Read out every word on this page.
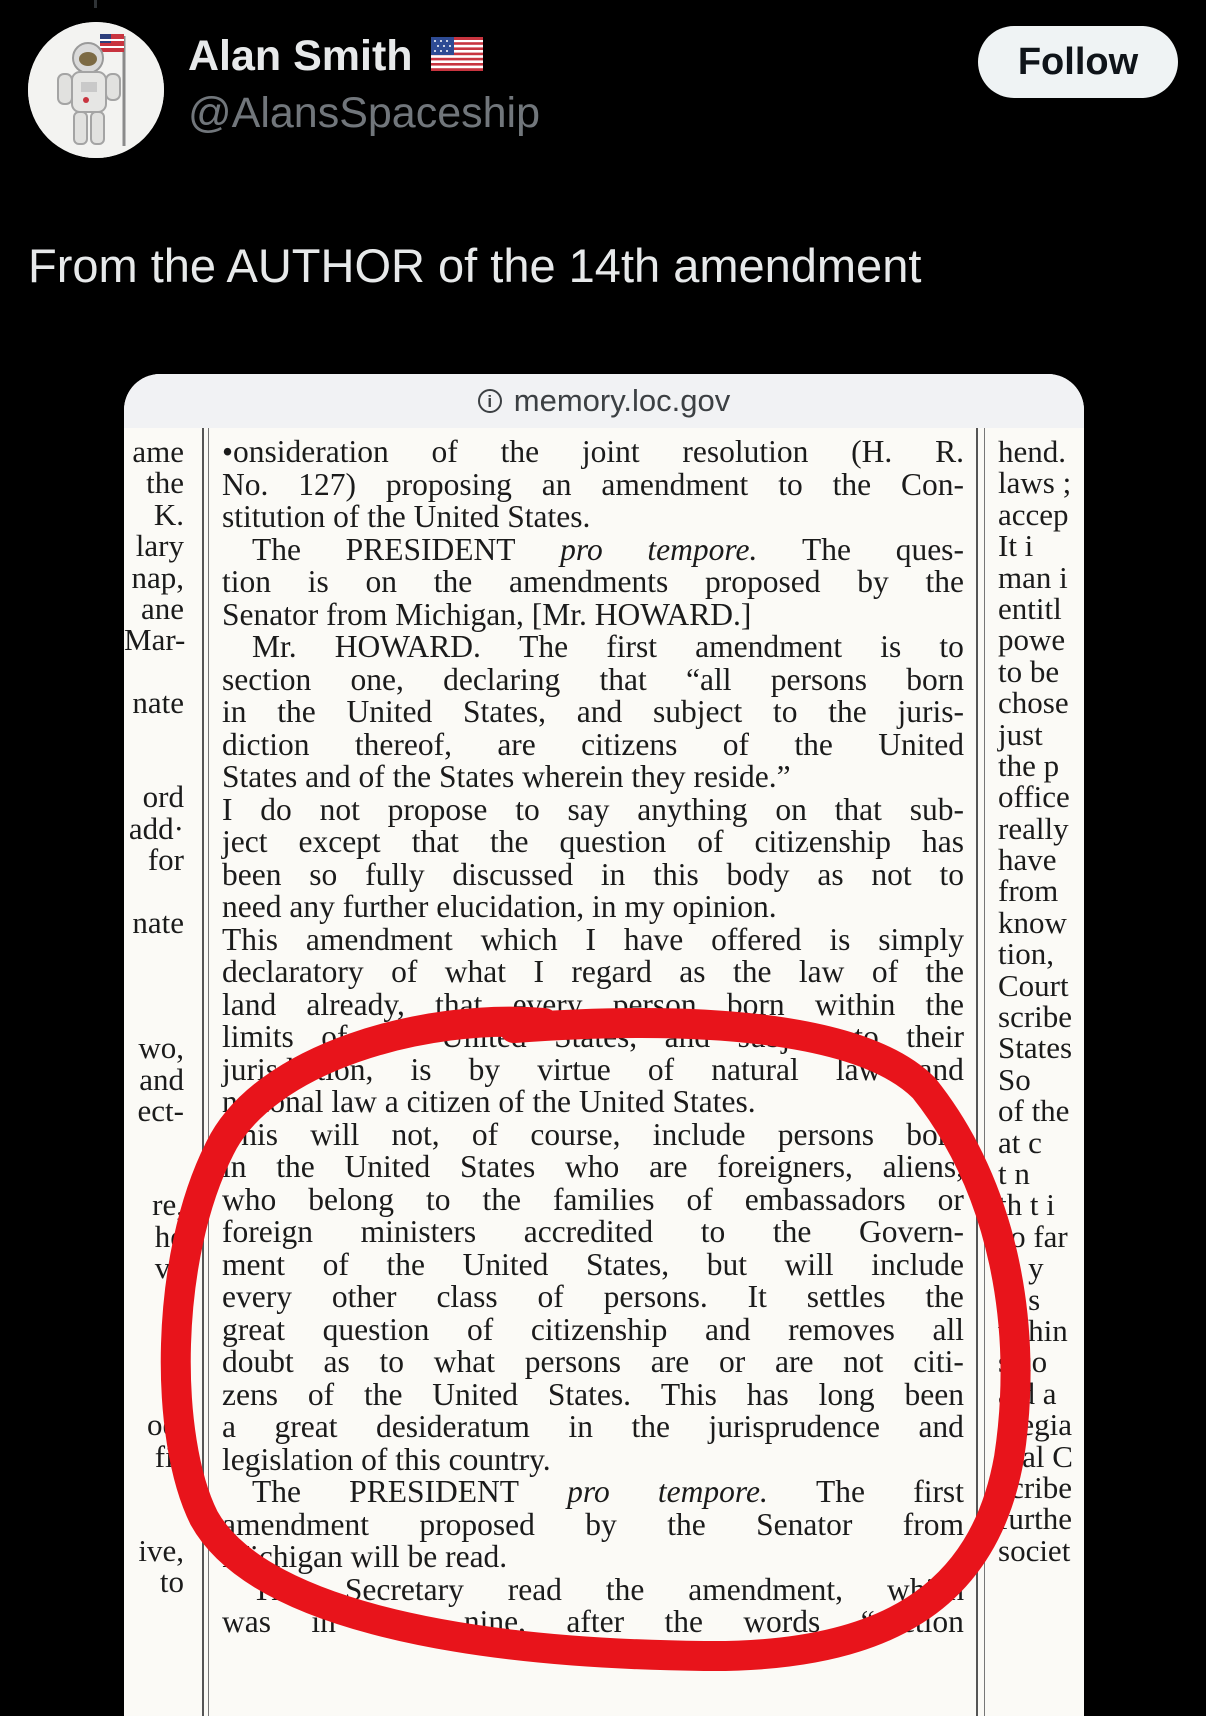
Alan Smith
@AlansSpaceship
Follow
From the AUTHOR of the 14th amendment
i memory.loc.gov
ame
the
K.
lary
nap,
ane
Mar-
nate
ord
add·
for
nate
wo,
and
ect-
re,
he
ve
oe,
fir
ive,
to
•onsideration of the joint resolution (H. R.
No. 127) proposing an amendment to the Con-
stitution of the United States.
The PRESIDENT pro tempore. The ques-
tion is on the amendments proposed by the
Senator from Michigan, [Mr. HOWARD.]
Mr. HOWARD. The first amendment is to
section one, declaring that “all persons born
in the United States, and subject to the juris-
diction thereof, are citizens of the United
States and of the States wherein they reside.”
I do not propose to say anything on that sub-
ject except that the question of citizenship has
been so fully discussed in this body as not to
need any further elucidation, in my opinion.
This amendment which I have offered is simply
declaratory of what I regard as the law of the
land already, that every person born within the
limits of the United States, and subject to their
jurisdiction, is by virtue of natural law and
national law a citizen of the United States.
This will not, of course, include persons born
in the United States who are foreigners, aliens,
who belong to the families of embassadors or
foreign ministers accredited to the Govern-
ment of the United States, but will include
every other class of persons. It settles the
great question of citizenship and removes all
doubt as to what persons are or are not citi-
zens of the United States. This has long been
a great desideratum in the jurisprudence and
legislation of this country.
The PRESIDENT pro tempore. The first
amendment proposed by the Senator from
Michigan will be read.
The Secretary read the amendment, which
was in line nine, after the words “section
hend.
laws ;
accep
It i
man i
entitl
powe
to be
chose
just
the p
office
really
have
from
know
tion,
Court
scribe
States
So
of the
at c
t n
th t i
so far
la y
w s
w hin
s co
a d a
alegia
eral C
scribe
furthe
societ
